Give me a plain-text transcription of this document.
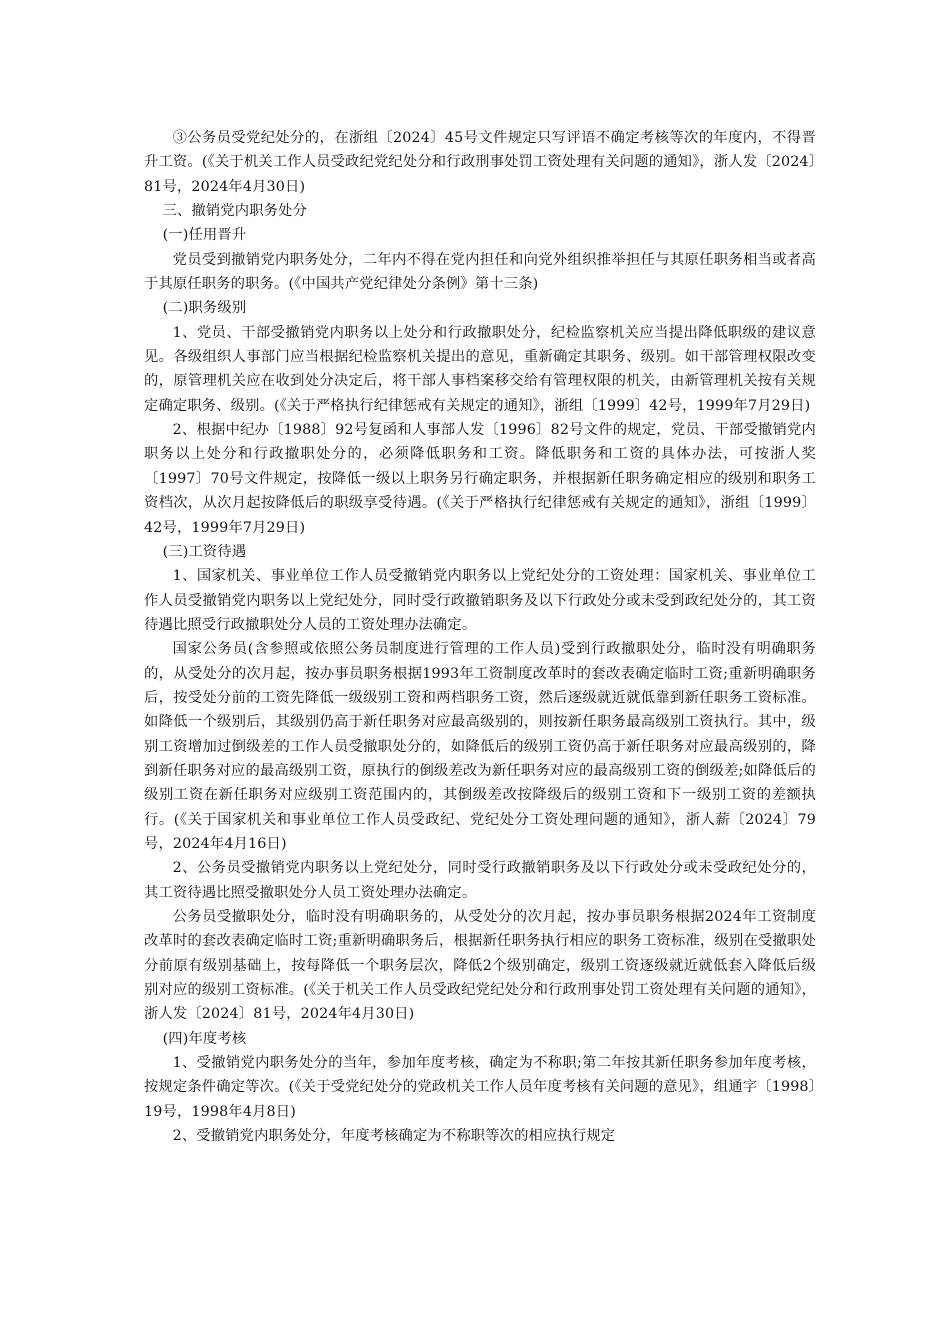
③公务员受党纪处分的，在浙组〔2024〕45号文件规定只写评语不确定考核等次的年度内，不得晋升工资。(《关于机关工作人员受政纪党纪处分和行政刑事处罚工资处理有关问题的通知》，浙人发〔2024〕81号，2024年4月30日)

三、撤销党内职务处分

(一)任用晋升

党员受到撤销党内职务处分，二年内不得在党内担任和向党外组织推举担任与其原任职务相当或者高于其原任职务的职务。(《中国共产党纪律处分条例》第十三条)

(二)职务级别

1、党员、干部受撤销党内职务以上处分和行政撤职处分，纪检监察机关应当提出降低职级的建议意见。各级组织人事部门应当根据纪检监察机关提出的意见，重新确定其职务、级别。如干部管理权限改变的，原管理机关应在收到处分决定后，将干部人事档案移交给有管理权限的机关，由新管理机关按有关规定确定职务、级别。(《关于严格执行纪律惩戒有关规定的通知》，浙组〔1999〕42号，1999年7月29日)

2、根据中纪办〔1988〕92号复函和人事部人发〔1996〕82号文件的规定，党员、干部受撤销党内职务以上处分和行政撤职处分的，必须降低职务和工资。降低职务和工资的具体办法，可按浙人奖〔1997〕70号文件规定，按降低一级以上职务另行确定职务，并根据新任职务确定相应的级别和职务工资档次，从次月起按降低后的职级享受待遇。(《关于严格执行纪律惩戒有关规定的通知》，浙组〔1999〕42号，1999年7月29日)

(三)工资待遇

1、国家机关、事业单位工作人员受撤销党内职务以上党纪处分的工资处理：国家机关、事业单位工作人员受撤销党内职务以上党纪处分，同时受行政撤销职务及以下行政处分或未受到政纪处分的，其工资待遇比照受行政撤职处分人员的工资处理办法确定。

国家公务员(含参照或依照公务员制度进行管理的工作人员)受到行政撤职处分，临时没有明确职务的，从受处分的次月起，按办事员职务根据1993年工资制度改革时的套改表确定临时工资;重新明确职务后，按受处分前的工资先降低一级级别工资和两档职务工资，然后逐级就近就低靠到新任职务工资标准。如降低一个级别后，其级别仍高于新任职务对应最高级别的，则按新任职务最高级别工资执行。其中，级别工资增加过倒级差的工作人员受撤职处分的，如降低后的级别工资仍高于新任职务对应最高级别的，降到新任职务对应的最高级别工资，原执行的倒级差改为新任职务对应的最高级别工资的倒级差;如降低后的级别工资在新任职务对应级别工资范围内的，其倒级差改按降级后的级别工资和下一级别工资的差额执行。(《关于国家机关和事业单位工作人员受政纪、党纪处分工资处理问题的通知》，浙人薪〔2024〕79号，2024年4月16日)

2、公务员受撤销党内职务以上党纪处分，同时受行政撤销职务及以下行政处分或未受政纪处分的，其工资待遇比照受撤职处分人员工资处理办法确定。

公务员受撤职处分，临时没有明确职务的，从受处分的次月起，按办事员职务根据2024年工资制度改革时的套改表确定临时工资;重新明确职务后，根据新任职务执行相应的职务工资标准，级别在受撤职处分前原有级别基础上，按每降低一个职务层次，降低2个级别确定，级别工资逐级就近就低套入降低后级别对应的级别工资标准。(《关于机关工作人员受政纪党纪处分和行政刑事处罚工资处理有关问题的通知》，浙人发〔2024〕81号，2024年4月30日)

(四)年度考核

1、受撤销党内职务处分的当年，参加年度考核，确定为不称职;第二年按其新任职务参加年度考核，按规定条件确定等次。(《关于受党纪处分的党政机关工作人员年度考核有关问题的意见》，组通字〔1998〕19号，1998年4月8日)

2、受撤销党内职务处分，年度考核确定为不称职等次的相应执行规定
